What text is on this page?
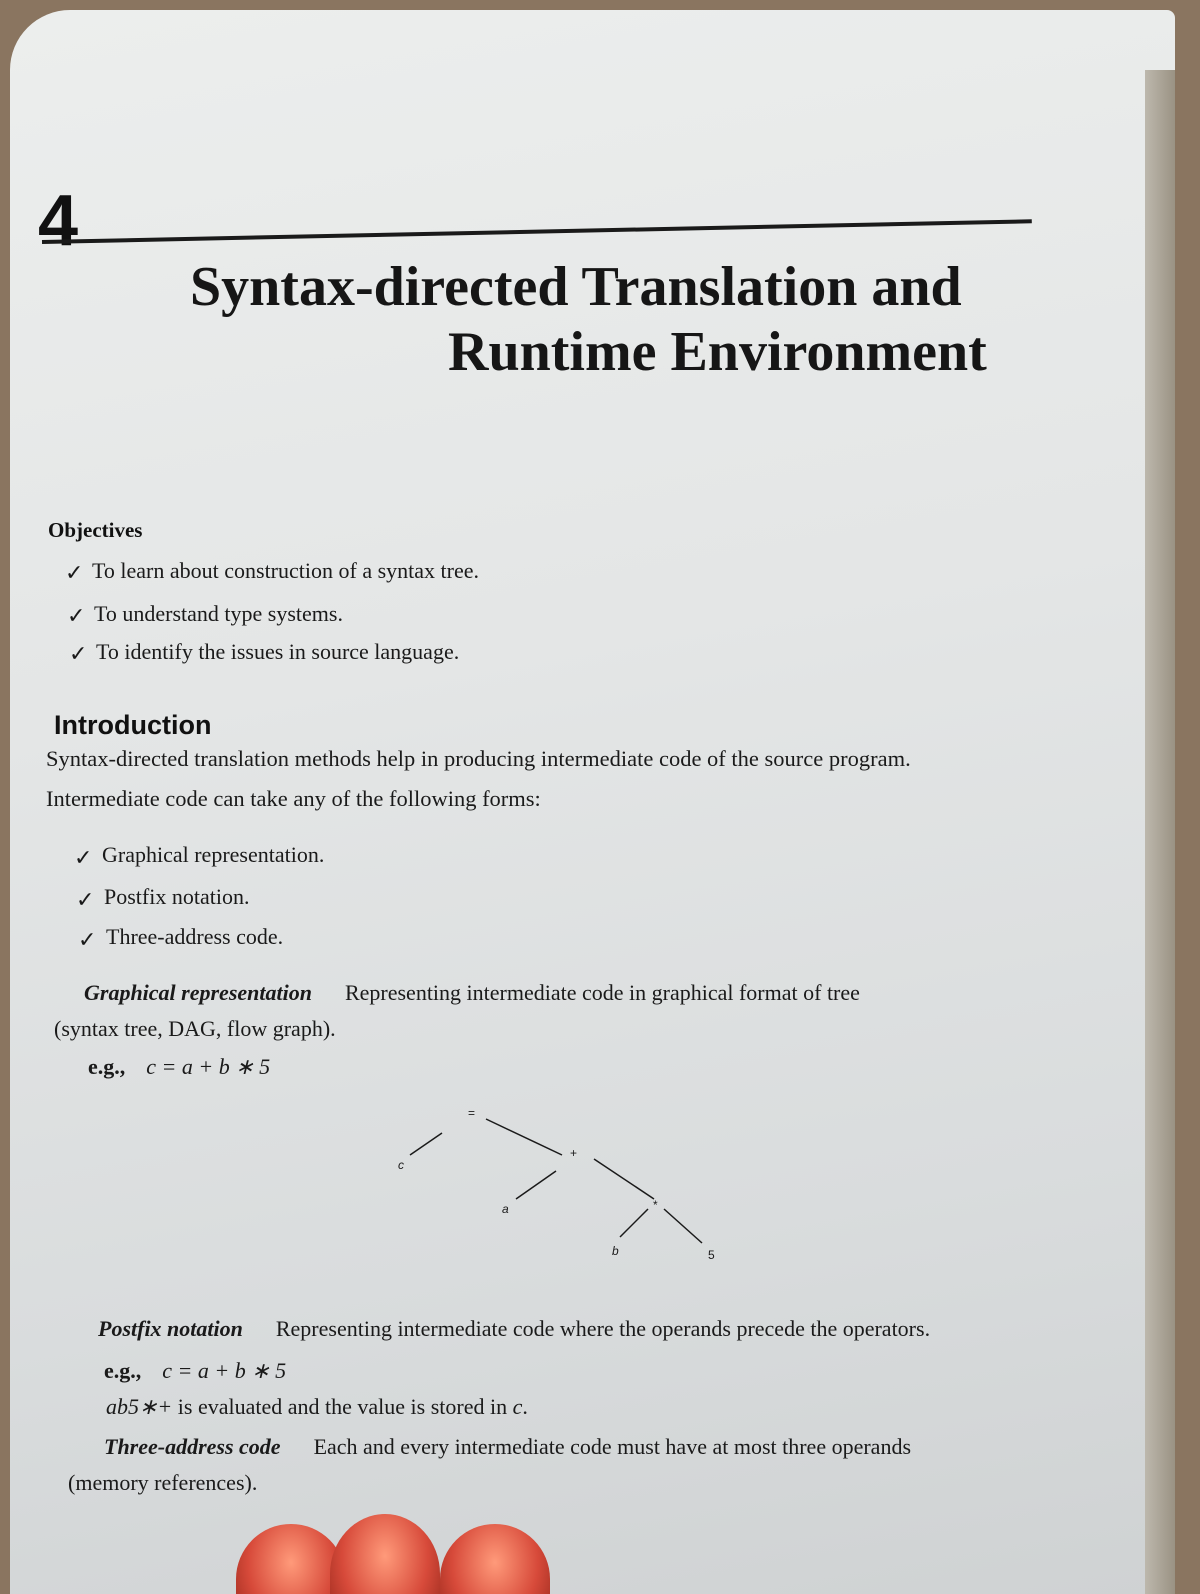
4
Syntax-directed Translation and
Runtime Environment
Objectives
✓ To learn about construction of a syntax tree.
✓ To understand type systems.
✓ To identify the issues in source language.
Introduction
Syntax-directed translation methods help in producing intermediate code of the source program.
Intermediate code can take any of the following forms:
✓ Graphical representation.
✓ Postfix notation.
✓ Three-address code.
Graphical representation Representing intermediate code in graphical format of tree
(syntax tree, DAG, flow graph).
e.g., c = a + b ∗ 5
=
c
+
a	*
b	5
Postfix notation Representing intermediate code where the operands precede the operators.
e.g., c = a + b ∗ 5
ab5∗+ is evaluated and the value is stored in c.
Three-address code Each and every intermediate code must have at most three operands
(memory references).
